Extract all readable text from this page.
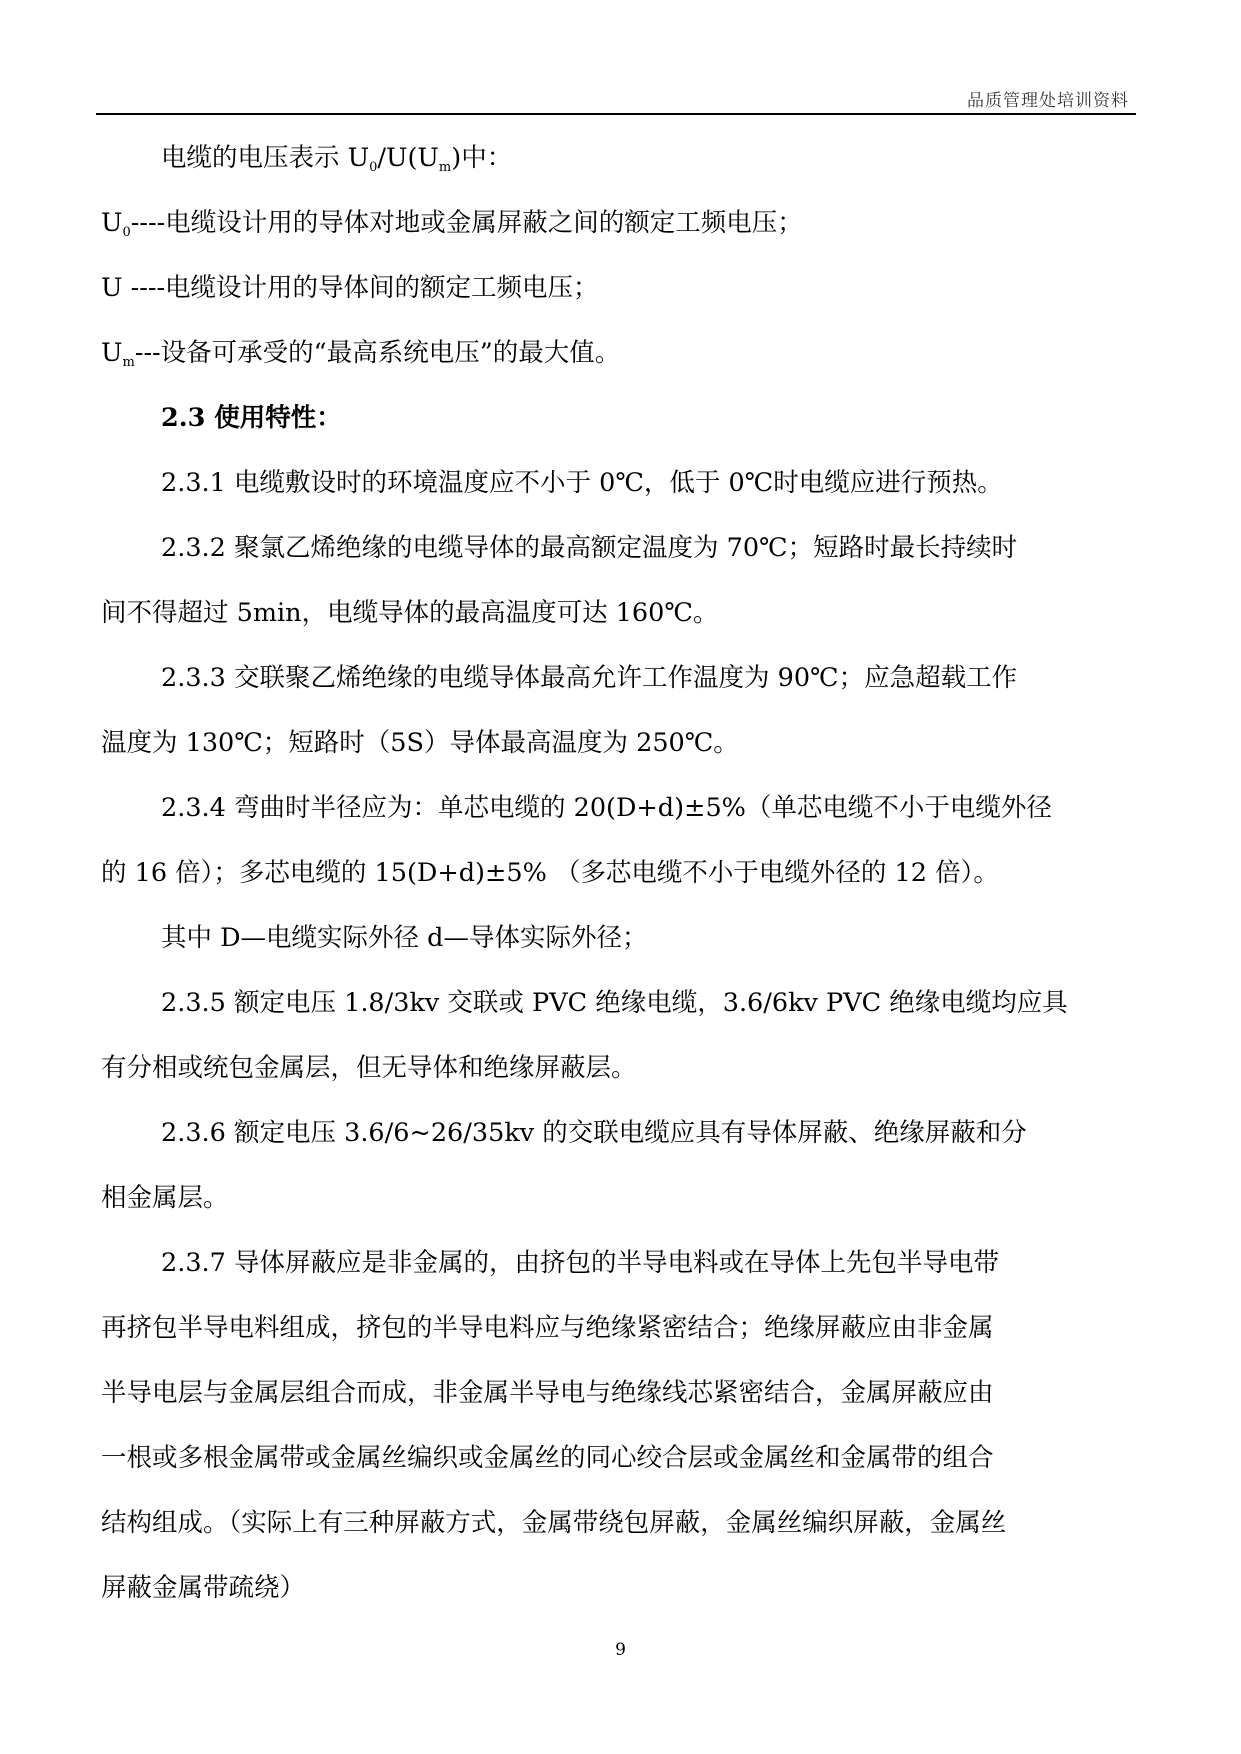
品质管理处培训资料
电缆的电压表示 $U_0/U(U_m)$中：
$U_0----$电缆设计用的导体对地或金属屏蔽之间的额定工频电压；
U ----电缆设计用的导体间的额定工频电压；
$U_m---$设备可承受的“最高系统电压”的最大值。
2.3 使用特性：
2.3.1 电缆敷设时的环境温度应不小于 0℃，低于 0℃时电缆应进行预热。
2.3.2 聚氯乙烯绝缘的电缆导体的最高额定温度为 70℃；短路时最长持续时
间不得超过 5min，电缆导体的最高温度可达 160℃。
2.3.3 交联聚乙烯绝缘的电缆导体最高允许工作温度为 90℃；应急超载工作
温度为 130℃；短路时（5S）导体最高温度为 250℃。
2.3.4 弯曲时半径应为：单芯电缆的 20(D+d)±5%（单芯电缆不小于电缆外径
的 16 倍）；多芯电缆的 15(D+d)±5% （多芯电缆不小于电缆外径的 12 倍）。
其中 D—电缆实际外径 d—导体实际外径；
2.3.5 额定电压 1.8/3kv 交联或 PVC 绝缘电缆，3.6/6kv PVC 绝缘电缆均应具
有分相或统包金属层，但无导体和绝缘屏蔽层。
2.3.6 额定电压 3.6/6~26/35kv 的交联电缆应具有导体屏蔽、绝缘屏蔽和分
相金属层。
2.3.7 导体屏蔽应是非金属的，由挤包的半导电料或在导体上先包半导电带
再挤包半导电料组成，挤包的半导电料应与绝缘紧密结合；绝缘屏蔽应由非金属
半导电层与金属层组合而成，非金属半导电与绝缘线芯紧密结合，金属屏蔽应由
一根或多根金属带或金属丝编织或金属丝的同心绞合层或金属丝和金属带的组合
结构组成。（实际上有三种屏蔽方式，金属带绕包屏蔽，金属丝编织屏蔽，金属丝
屏蔽金属带疏绕）
9
